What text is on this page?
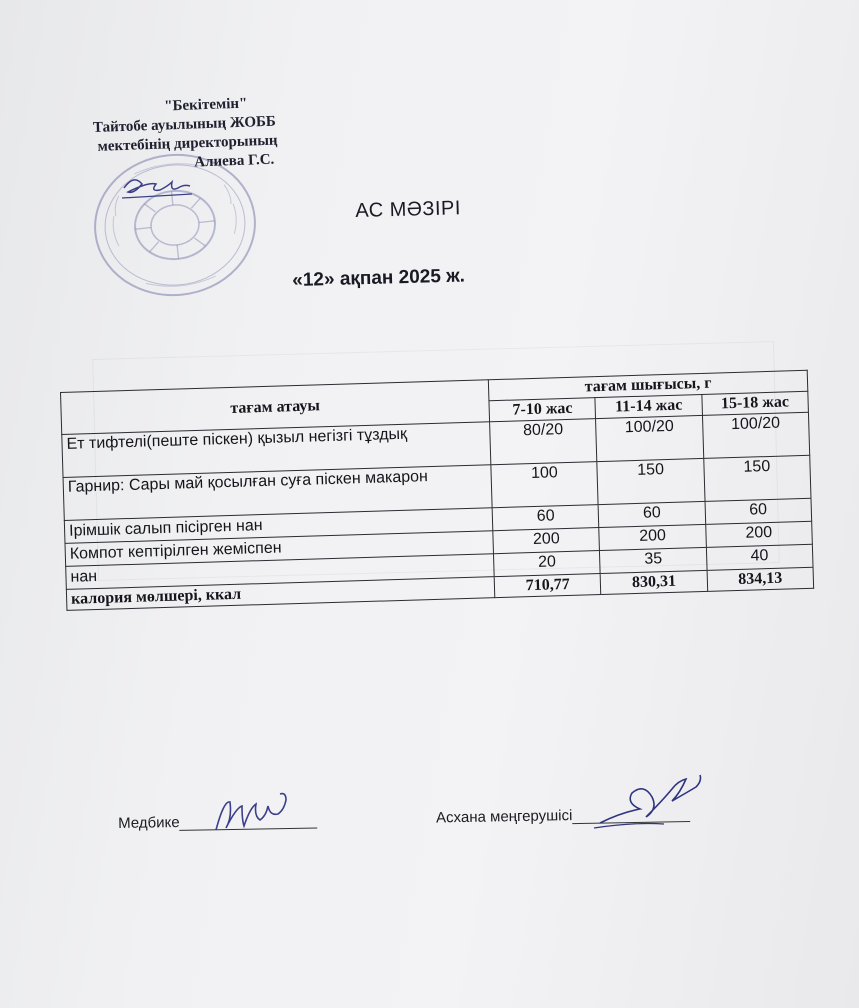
"Бекітемін"
Тайтобе ауылының ЖОББ
мектебінің директорының
Алиева Г.С.
АС МӘЗІРІ
«12» ақпан 2025 ж.
тағам атауы	тағам шығысы, г		
	7-10 жас	11-14 жас	15-18 жас
Ет тифтелі(пеште піскен) қызыл негізгі тұздық	80/20	100/20	100/20
Гарнир: Сары май қосылған суға піскен макарон	100	150	150
Ірімшік салып пісірген нан	60	60	60
Компот кептірілген жеміспен	200	200	200
нан	20	35	40
калория мөлшері, ккал	710,77	830,31	834,13
Медбике	Асхана меңгерушісі
